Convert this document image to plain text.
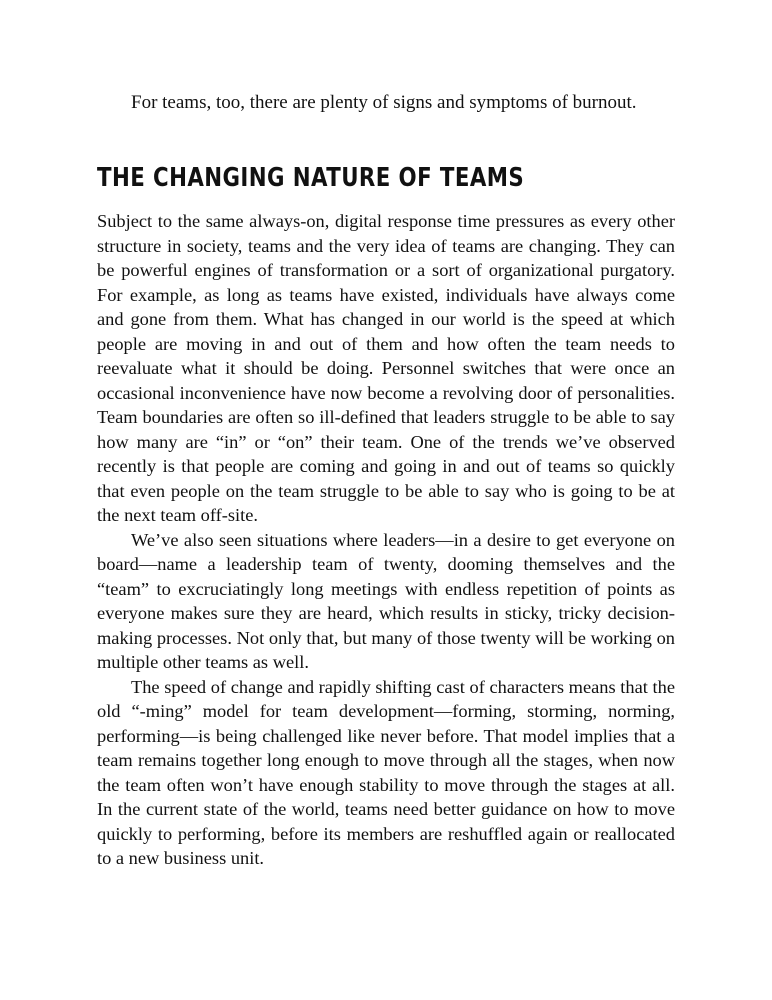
For teams, too, there are plenty of signs and symptoms of burnout.

THE CHANGING NATURE OF TEAMS

Subject to the same always-on, digital response time pressures as every other structure in society, teams and the very idea of teams are changing. They can be powerful engines of transformation or a sort of organizational purgatory. For example, as long as teams have existed, individuals have always come and gone from them. What has changed in our world is the speed at which people are moving in and out of them and how often the team needs to reevaluate what it should be doing. Personnel switches that were once an occasional inconvenience have now become a revolving door of personalities. Team boundaries are often so ill-defined that leaders struggle to be able to say how many are “in” or “on” their team. One of the trends we’ve observed recently is that people are coming and going in and out of teams so quickly that even people on the team struggle to be able to say who is going to be at the next team off-site.

We’ve also seen situations where leaders—in a desire to get everyone on board—name a leadership team of twenty, dooming themselves and the “team” to excruciatingly long meetings with endless repetition of points as everyone makes sure they are heard, which results in sticky, tricky decision-making processes. Not only that, but many of those twenty will be working on multiple other teams as well.

The speed of change and rapidly shifting cast of characters means that the old “-ming” model for team development—forming, storming, norming, performing—is being challenged like never before. That model implies that a team remains together long enough to move through all the stages, when now the team often won’t have enough stability to move through the stages at all. In the current state of the world, teams need better guidance on how to move quickly to performing, before its members are reshuffled again or reallocated to a new business unit.
